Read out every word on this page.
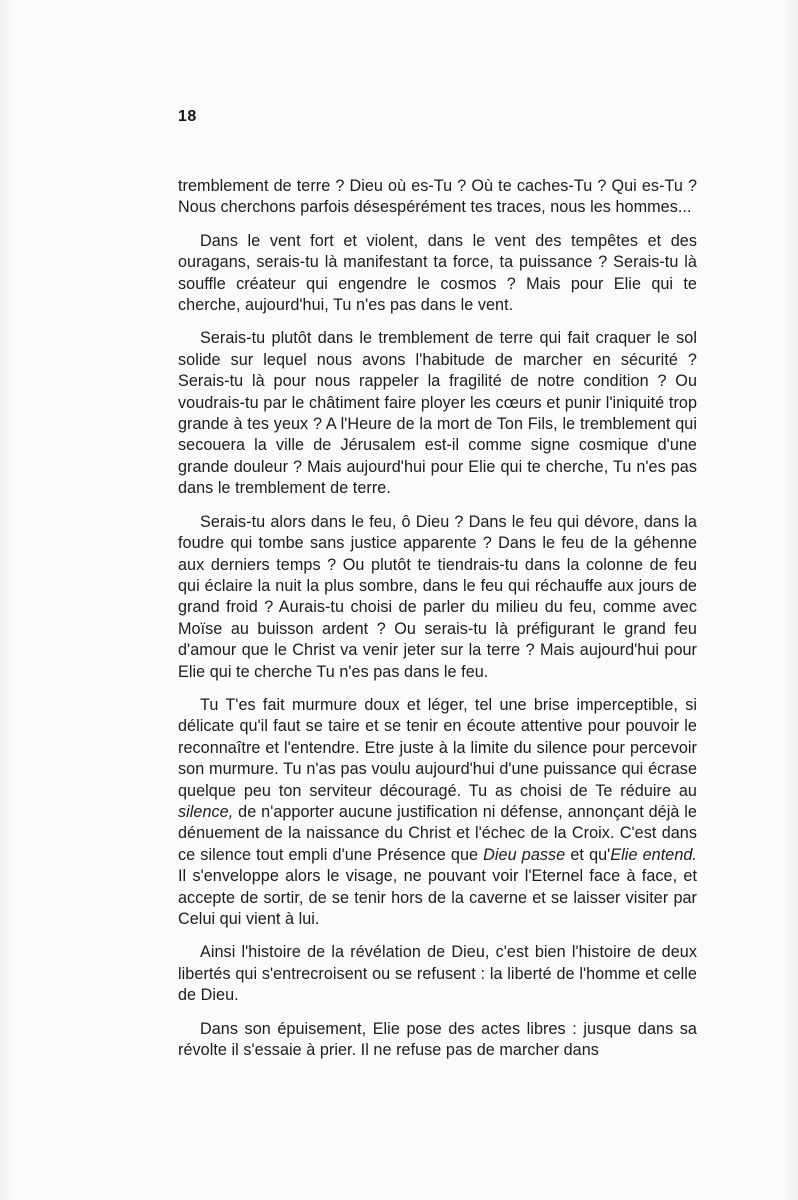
18

tremblement de terre ? Dieu où es-Tu ? Où te caches-Tu ? Qui es-Tu ? Nous cherchons parfois désespérément tes traces, nous les hommes...

Dans le vent fort et violent, dans le vent des tempêtes et des ouragans, serais-tu là manifestant ta force, ta puissance ? Serais-tu là souffle créateur qui engendre le cosmos ? Mais pour Elie qui te cherche, aujourd'hui, Tu n'es pas dans le vent.

Serais-tu plutôt dans le tremblement de terre qui fait craquer le sol solide sur lequel nous avons l'habitude de marcher en sécurité ? Serais-tu là pour nous rappeler la fragilité de notre condition ? Ou voudrais-tu par le châtiment faire ployer les cœurs et punir l'iniquité trop grande à tes yeux ? A l'Heure de la mort de Ton Fils, le tremblement qui secouera la ville de Jérusalem est-il comme signe cosmique d'une grande douleur ? Mais aujourd'hui pour Elie qui te cherche, Tu n'es pas dans le tremblement de terre.

Serais-tu alors dans le feu, ô Dieu ? Dans le feu qui dévore, dans la foudre qui tombe sans justice apparente ? Dans le feu de la géhenne aux derniers temps ? Ou plutôt te tiendrais-tu dans la colonne de feu qui éclaire la nuit la plus sombre, dans le feu qui réchauffe aux jours de grand froid ? Aurais-tu choisi de parler du milieu du feu, comme avec Moïse au buisson ardent ? Ou serais-tu là préfigurant le grand feu d'amour que le Christ va venir jeter sur la terre ? Mais aujourd'hui pour Elie qui te cherche Tu n'es pas dans le feu.

Tu T'es fait murmure doux et léger, tel une brise imperceptible, si délicate qu'il faut se taire et se tenir en écoute attentive pour pouvoir le reconnaître et l'entendre. Etre juste à la limite du silence pour percevoir son murmure. Tu n'as pas voulu aujourd'hui d'une puissance qui écrase quelque peu ton serviteur découragé. Tu as choisi de Te réduire au silence, de n'apporter aucune justification ni défense, annonçant déjà le dénuement de la naissance du Christ et l'échec de la Croix. C'est dans ce silence tout empli d'une Présence que Dieu passe et qu'Elie entend. Il s'enveloppe alors le visage, ne pouvant voir l'Eternel face à face, et accepte de sortir, de se tenir hors de la caverne et se laisser visiter par Celui qui vient à lui.

Ainsi l'histoire de la révélation de Dieu, c'est bien l'histoire de deux libertés qui s'entrecroisent ou se refusent : la liberté de l'homme et celle de Dieu.

Dans son épuisement, Elie pose des actes libres : jusque dans sa révolte il s'essaie à prier. Il ne refuse pas de marcher dans
